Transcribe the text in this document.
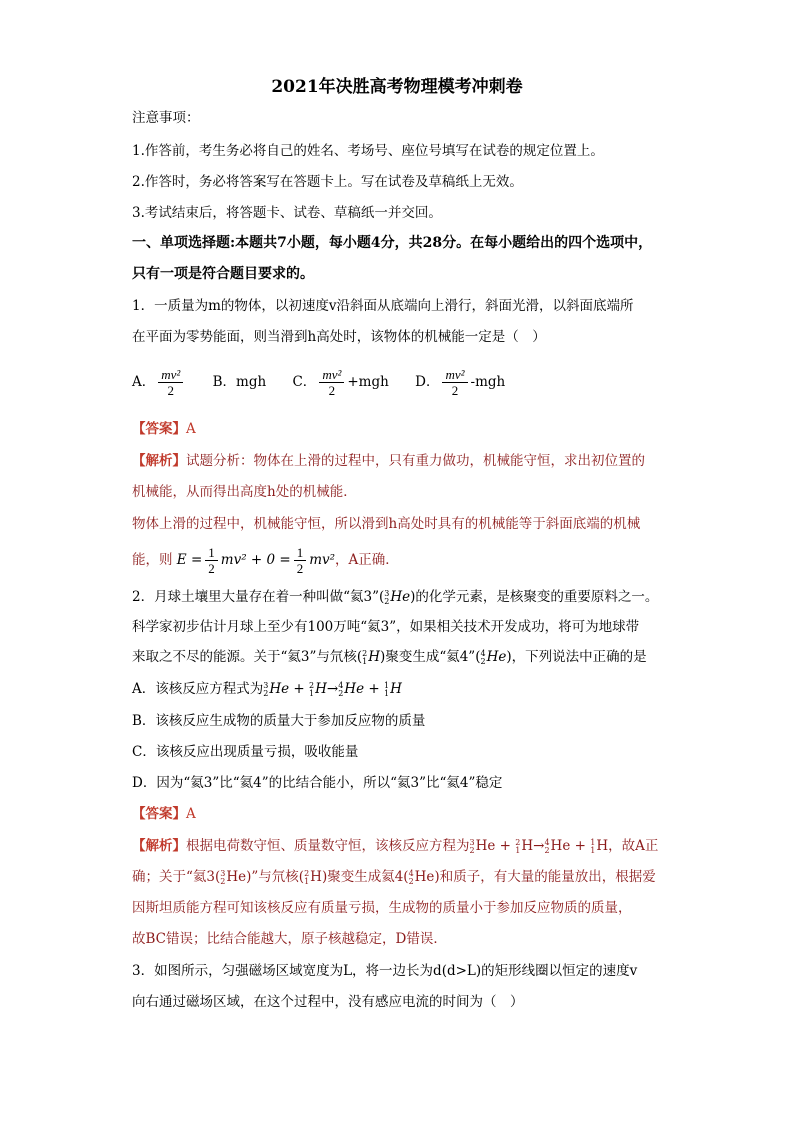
2021年决胜高考物理模考冲刺卷
注意事项：
1.作答前，考生务必将自己的姓名、考场号、座位号填写在试卷的规定位置上。
2.作答时，务必将答案写在答题卡上。写在试卷及草稿纸上无效。
3.考试结束后，将答题卡、试卷、草稿纸一并交回。
一、单项选择题:本题共7小题，每小题4分，共28分。在每小题给出的四个选项中，
只有一项是符合题目要求的。
1．一质量为m的物体，以初速度v沿斜面从底端向上滑行，斜面光滑，以斜面底端所
在平面为零势能面，则当滑到h高处时，该物体的机械能一定是（　）
A． $\frac{\text{mv²}}{2}$ B．mgh C． $\frac{\text{mv²}}{2} +mgh$ D． $\frac{\text{mv²}}{2} -mgh$
【答案】A
【解析】试题分析：物体在上滑的过程中，只有重力做功，机械能守恒，求出初位置的
机械能，从而得出高度h处的机械能．
物体上滑的过程中，机械能守恒，所以滑到h高处时具有的机械能等于斜面底端的机械
能，则 $E = \frac{1}{2} mv^2 + 0 = \frac{1}{2} mv^2$，A正确．
2．月球土壤里大量存在着一种叫做“氦3”( 3
2 He)的化学元素，是核聚变的重要原料之一。
科学家初步估计月球上至少有100万吨“氦3”，如果相关技术开发成功，将可为地球带
来取之不尽的能源。关于“氦3”与氘核( 2
1 H)聚变生成“氦4”( 4
2 He)，下列说法中正确的是
A．该核反应方程式为 3
2 He + 2
1 H→ 4
2 He + 1
1 H
B．该核反应生成物的质量大于参加反应物的质量
C．该核反应出现质量亏损，吸收能量
D．因为“氦3”比“氦4”的比结合能小，所以“氦3”比“氦4”稳定
【答案】A
【解析】根据电荷数守恒、质量数守恒，该核反应方程为 3
2 He + 2
1 H→ 4
2 He + 1
1 H，故A正
确；关于“氦3( 3
2 He)”与氘核( 2
1 H)聚变生成氦4( 4
2 He)和质子，有大量的能量放出，根据爱
因斯坦质能方程可知该核反应有质量亏损，生成物的质量小于参加反应物质的质量，
故BC错误；比结合能越大，原子核越稳定，D错误．
3．如图所示，匀强磁场区域宽度为L，将一边长为d(d>L)的矩形线圈以恒定的速度v
向右通过磁场区域，在这个过程中，没有感应电流的时间为（　）
